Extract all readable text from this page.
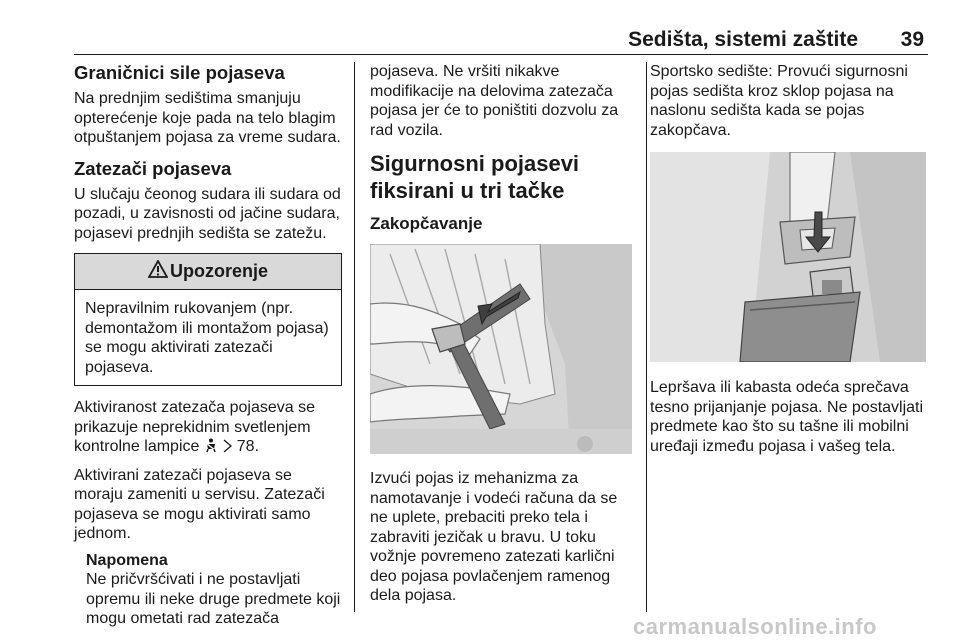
Sedišta, sistemi zaštite 39
Graničnici sile pojaseva

Na prednjim sedištima smanjuju opterećenje koje pada na telo blagim otpuštanjem pojasa za vreme sudara.

Zatezači pojaseva

U slučaju čeonog sudara ili sudara od pozadi, u zavisnosti od jačine sudara, pojasevi prednjih sedišta se zatežu.

Upozorenje
Nepravilnim rukovanjem (npr. demontažom ili montažom pojasa) se mogu aktivirati zatezači pojaseva.

Aktiviranost zatezača pojaseva se prikazuje neprekidnim svetlenjem kontrolne lampice 78.

Aktivirani zatezači pojaseva se moraju zameniti u servisu. Zatezači pojaseva se mogu aktivirati samo jednom.

Napomena

Ne pričvršćivati i ne postavljati opremu ili neke druge predmete koji mogu ometati rad zatezača

pojaseva. Ne vršiti nikakve modifikacije na delovima zatezača pojasa jer će to poništiti dozvolu za rad vozila.

Sigurnosni pojasevi fiksirani u tri tačke
Zakopčavanje

Izvući pojas iz mehanizma za namotavanje i vodeći računa da se ne uplete, prebaciti preko tela i zabraviti jezičak u bravu. U toku vožnje povremeno zatezati karlični deo pojasa povlačenjem ramenog dela pojasa.

Sportsko sedište: Provući sigurnosni pojas sedišta kroz sklop pojasa na naslonu sedišta kada se pojas zakopčava.

Lepršava ili kabasta odeća sprečava tesno prijanjanje pojasa. Ne postavljati predmete kao što su tašne ili mobilni uređaji između pojasa i vašeg tela.

carmanualsonline.info
